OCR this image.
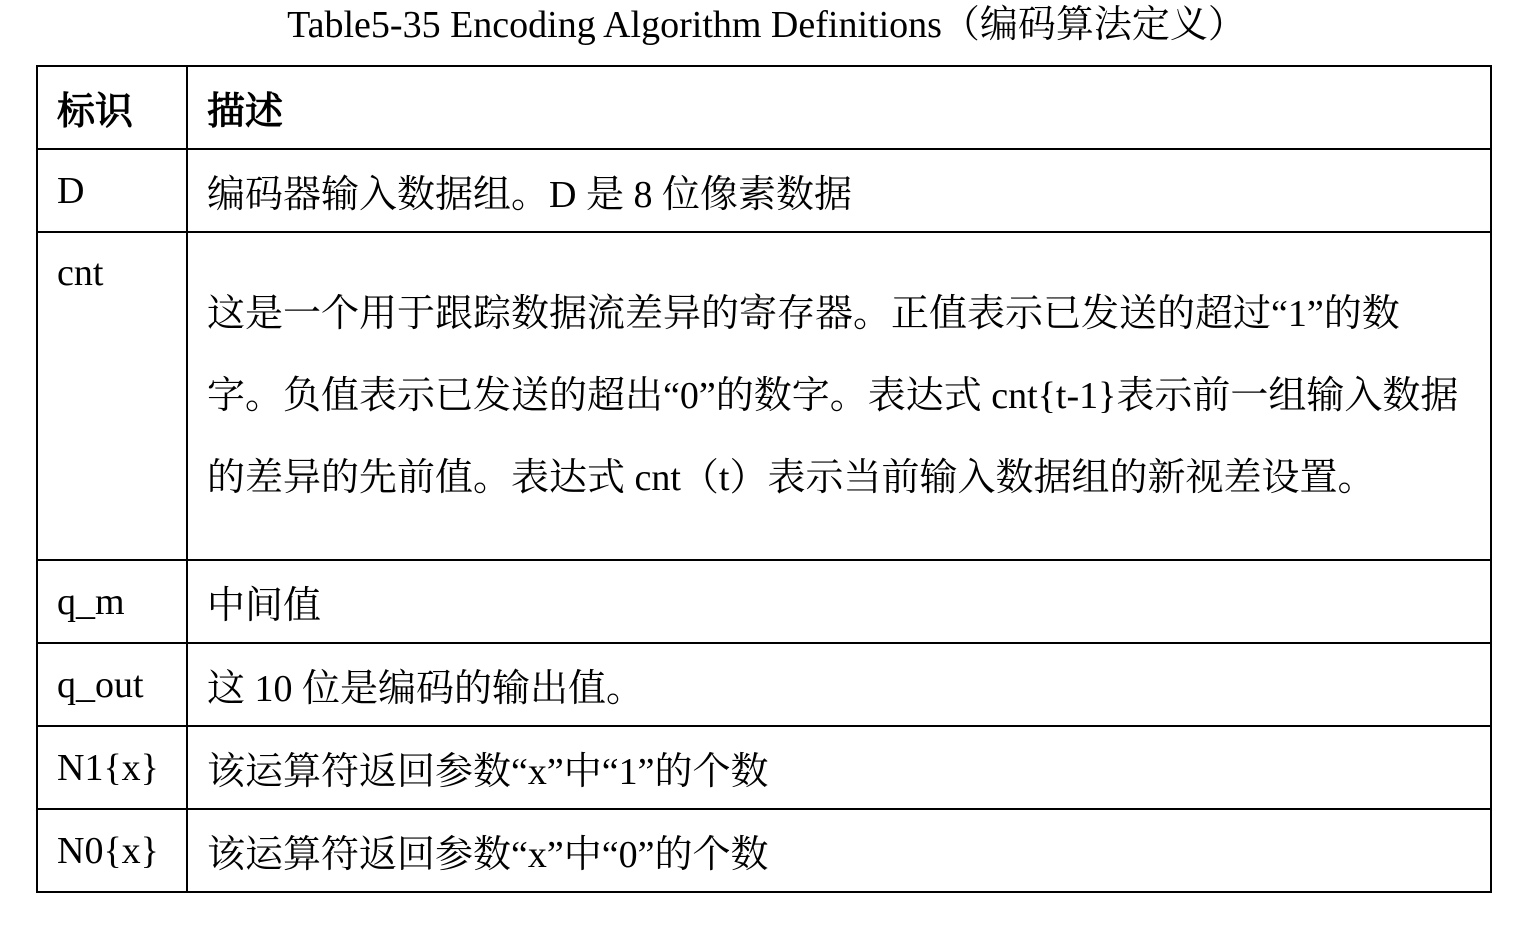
Table5-35 Encoding Algorithm Definitions（编码算法定义）
标识	描述
D	编码器输入数据组。D 是 8 位像素数据
cnt	这是一个用于跟踪数据流差异的寄存器。正值表示已发送的超过“1”的数字。负值表示已发送的超出“0”的数字。表达式 cnt{t-1}表示前一组输入数据的差异的先前值。表达式 cnt（t）表示当前输入数据组的新视差设置。
q_m	中间值
q_out	这 10 位是编码的输出值。
N1{x}	该运算符返回参数“x”中“1”的个数
N0{x}	该运算符返回参数“x”中“0”的个数
